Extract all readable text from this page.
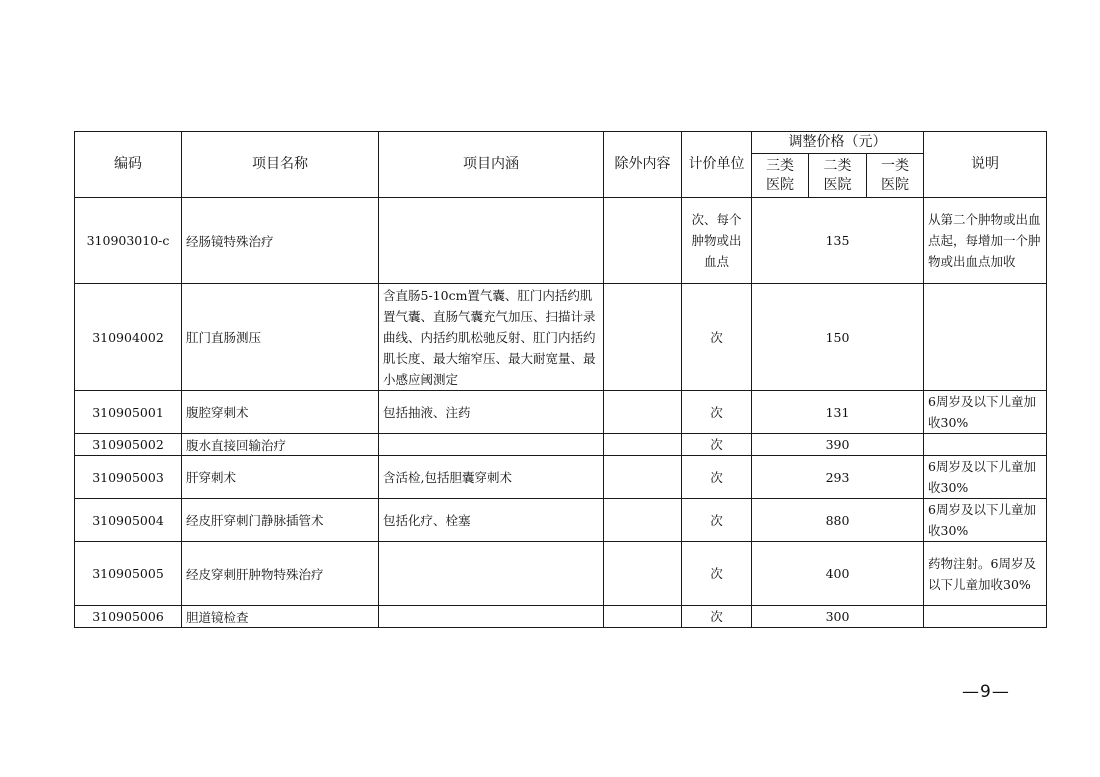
编码	项目名称	项目内涵	除外内容	计价单位	调整价格（元）			说明
					三类医院	二类医院	一类医院	
310903010-c	经肠镜特殊治疗			次、每个肿物或出血点	135			从第二个肿物或出血点起，每增加一个肿物或出血点加收
310904002	肛门直肠测压	含直肠5-10cm置气囊、肛门内括约肌置气囊、直肠气囊充气加压、扫描计录曲线、内括约肌松驰反射、肛门内括约肌长度、最大缩窄压、最大耐宽量、最小感应阈测定		次	150			
310905001	腹腔穿刺术	包括抽液、注药		次	131			6周岁及以下儿童加收30%
310905002	腹水直接回输治疗			次	390			
310905003	肝穿刺术	含活检,包括胆囊穿刺术		次	293			6周岁及以下儿童加收30%
310905004	经皮肝穿刺门静脉插管术	包括化疗、栓塞		次	880			6周岁及以下儿童加收30%
310905005	经皮穿刺肝肿物特殊治疗			次	400			药物注射。6周岁及以下儿童加收30%
310905006	胆道镜检查			次	300			
—9—
